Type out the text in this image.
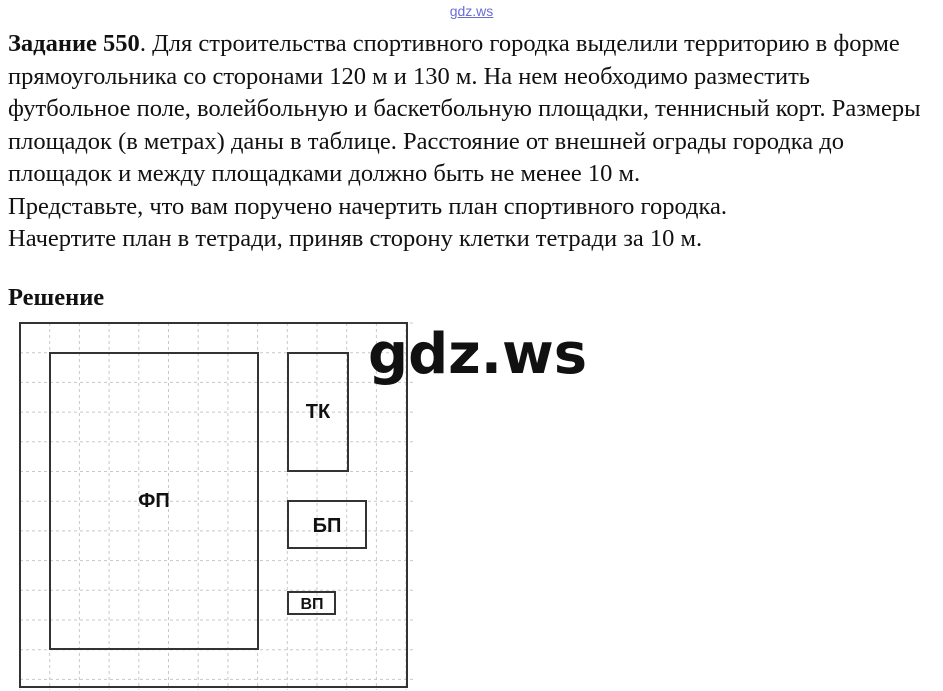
gdz.ws

Задание 550. Для строительства спортивного городка выделили территорию в форме прямоугольника со сторонами 120 м и 130 м. На нем необходимо разместить футбольное поле, волейбольную и баскетбольную площадки, теннисный корт. Размеры площадок (в метрах) даны в таблице. Расстояние от внешней ограды городка до площадок и между площадками должно быть не менее 10 м.

Представьте, что вам поручено начертить план спортивного городка.

Начертите план в тетради, приняв сторону клетки тетради за 10 м.

Решение
ФП
ТК
БП
ВП
gdz.ws
